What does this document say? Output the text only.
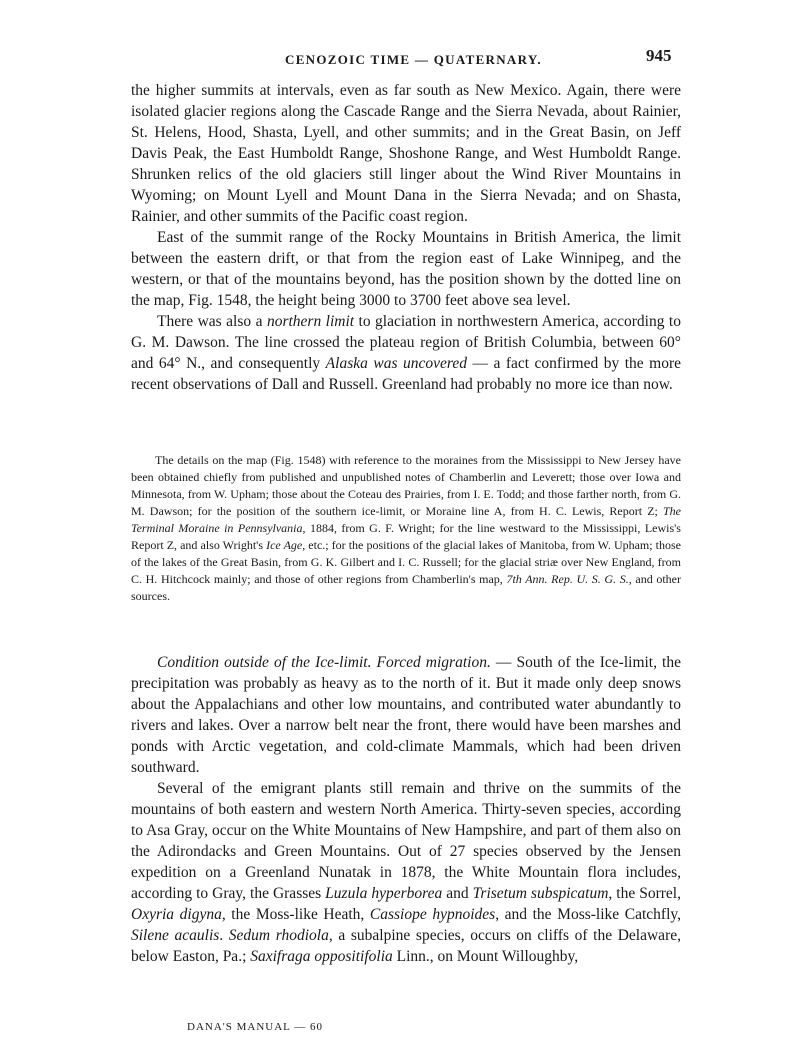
CENOZOIC TIME — QUATERNARY.	945

the higher summits at intervals, even as far south as New Mexico. Again, there were isolated glacier regions along the Cascade Range and the Sierra Nevada, about Rainier, St. Helens, Hood, Shasta, Lyell, and other summits; and in the Great Basin, on Jeff Davis Peak, the East Humboldt Range, Shoshone Range, and West Humboldt Range. Shrunken relics of the old glaciers still linger about the Wind River Mountains in Wyoming; on Mount Lyell and Mount Dana in the Sierra Nevada; and on Shasta, Rainier, and other summits of the Pacific coast region.

East of the summit range of the Rocky Mountains in British America, the limit between the eastern drift, or that from the region east of Lake Winnipeg, and the western, or that of the mountains beyond, has the position shown by the dotted line on the map, Fig. 1548, the height being 3000 to 3700 feet above sea level.

There was also a northern limit to glaciation in northwestern America, according to G. M. Dawson. The line crossed the plateau region of British Columbia, between 60° and 64° N., and consequently Alaska was uncovered — a fact confirmed by the more recent observations of Dall and Russell. Greenland had probably no more ice than now.

The details on the map (Fig. 1548) with reference to the moraines from the Mississippi to New Jersey have been obtained chiefly from published and unpublished notes of Chamberlin and Leverett; those over Iowa and Minnesota, from W. Upham; those about the Coteau des Prairies, from I. E. Todd; and those farther north, from G. M. Dawson; for the position of the southern ice-limit, or Moraine line A, from H. C. Lewis, Report Z; The Terminal Moraine in Pennsylvania, 1884, from G. F. Wright; for the line westward to the Mississippi, Lewis's Report Z, and also Wright's Ice Age, etc.; for the positions of the glacial lakes of Manitoba, from W. Upham; those of the lakes of the Great Basin, from G. K. Gilbert and I. C. Russell; for the glacial striæ over New England, from C. H. Hitchcock mainly; and those of other regions from Chamberlin's map, 7th Ann. Rep. U. S. G. S., and other sources.

Condition outside of the Ice-limit. Forced migration. — South of the Ice-limit, the precipitation was probably as heavy as to the north of it. But it made only deep snows about the Appalachians and other low mountains, and contributed water abundantly to rivers and lakes. Over a narrow belt near the front, there would have been marshes and ponds with Arctic vegetation, and cold-climate Mammals, which had been driven southward.

Several of the emigrant plants still remain and thrive on the summits of the mountains of both eastern and western North America. Thirty-seven species, according to Asa Gray, occur on the White Mountains of New Hampshire, and part of them also on the Adirondacks and Green Mountains. Out of 27 species observed by the Jensen expedition on a Greenland Nunatak in 1878, the White Mountain flora includes, according to Gray, the Grasses Luzula hyperborea and Trisetum subspicatum, the Sorrel, Oxyria digyna, the Moss-like Heath, Cassiope hypnoides, and the Moss-like Catchfly, Silene acaulis. Sedum rhodiola, a subalpine species, occurs on cliffs of the Delaware, below Easton, Pa.; Saxifraga oppositifolia Linn., on Mount Willoughby,

DANA'S MANUAL — 60
